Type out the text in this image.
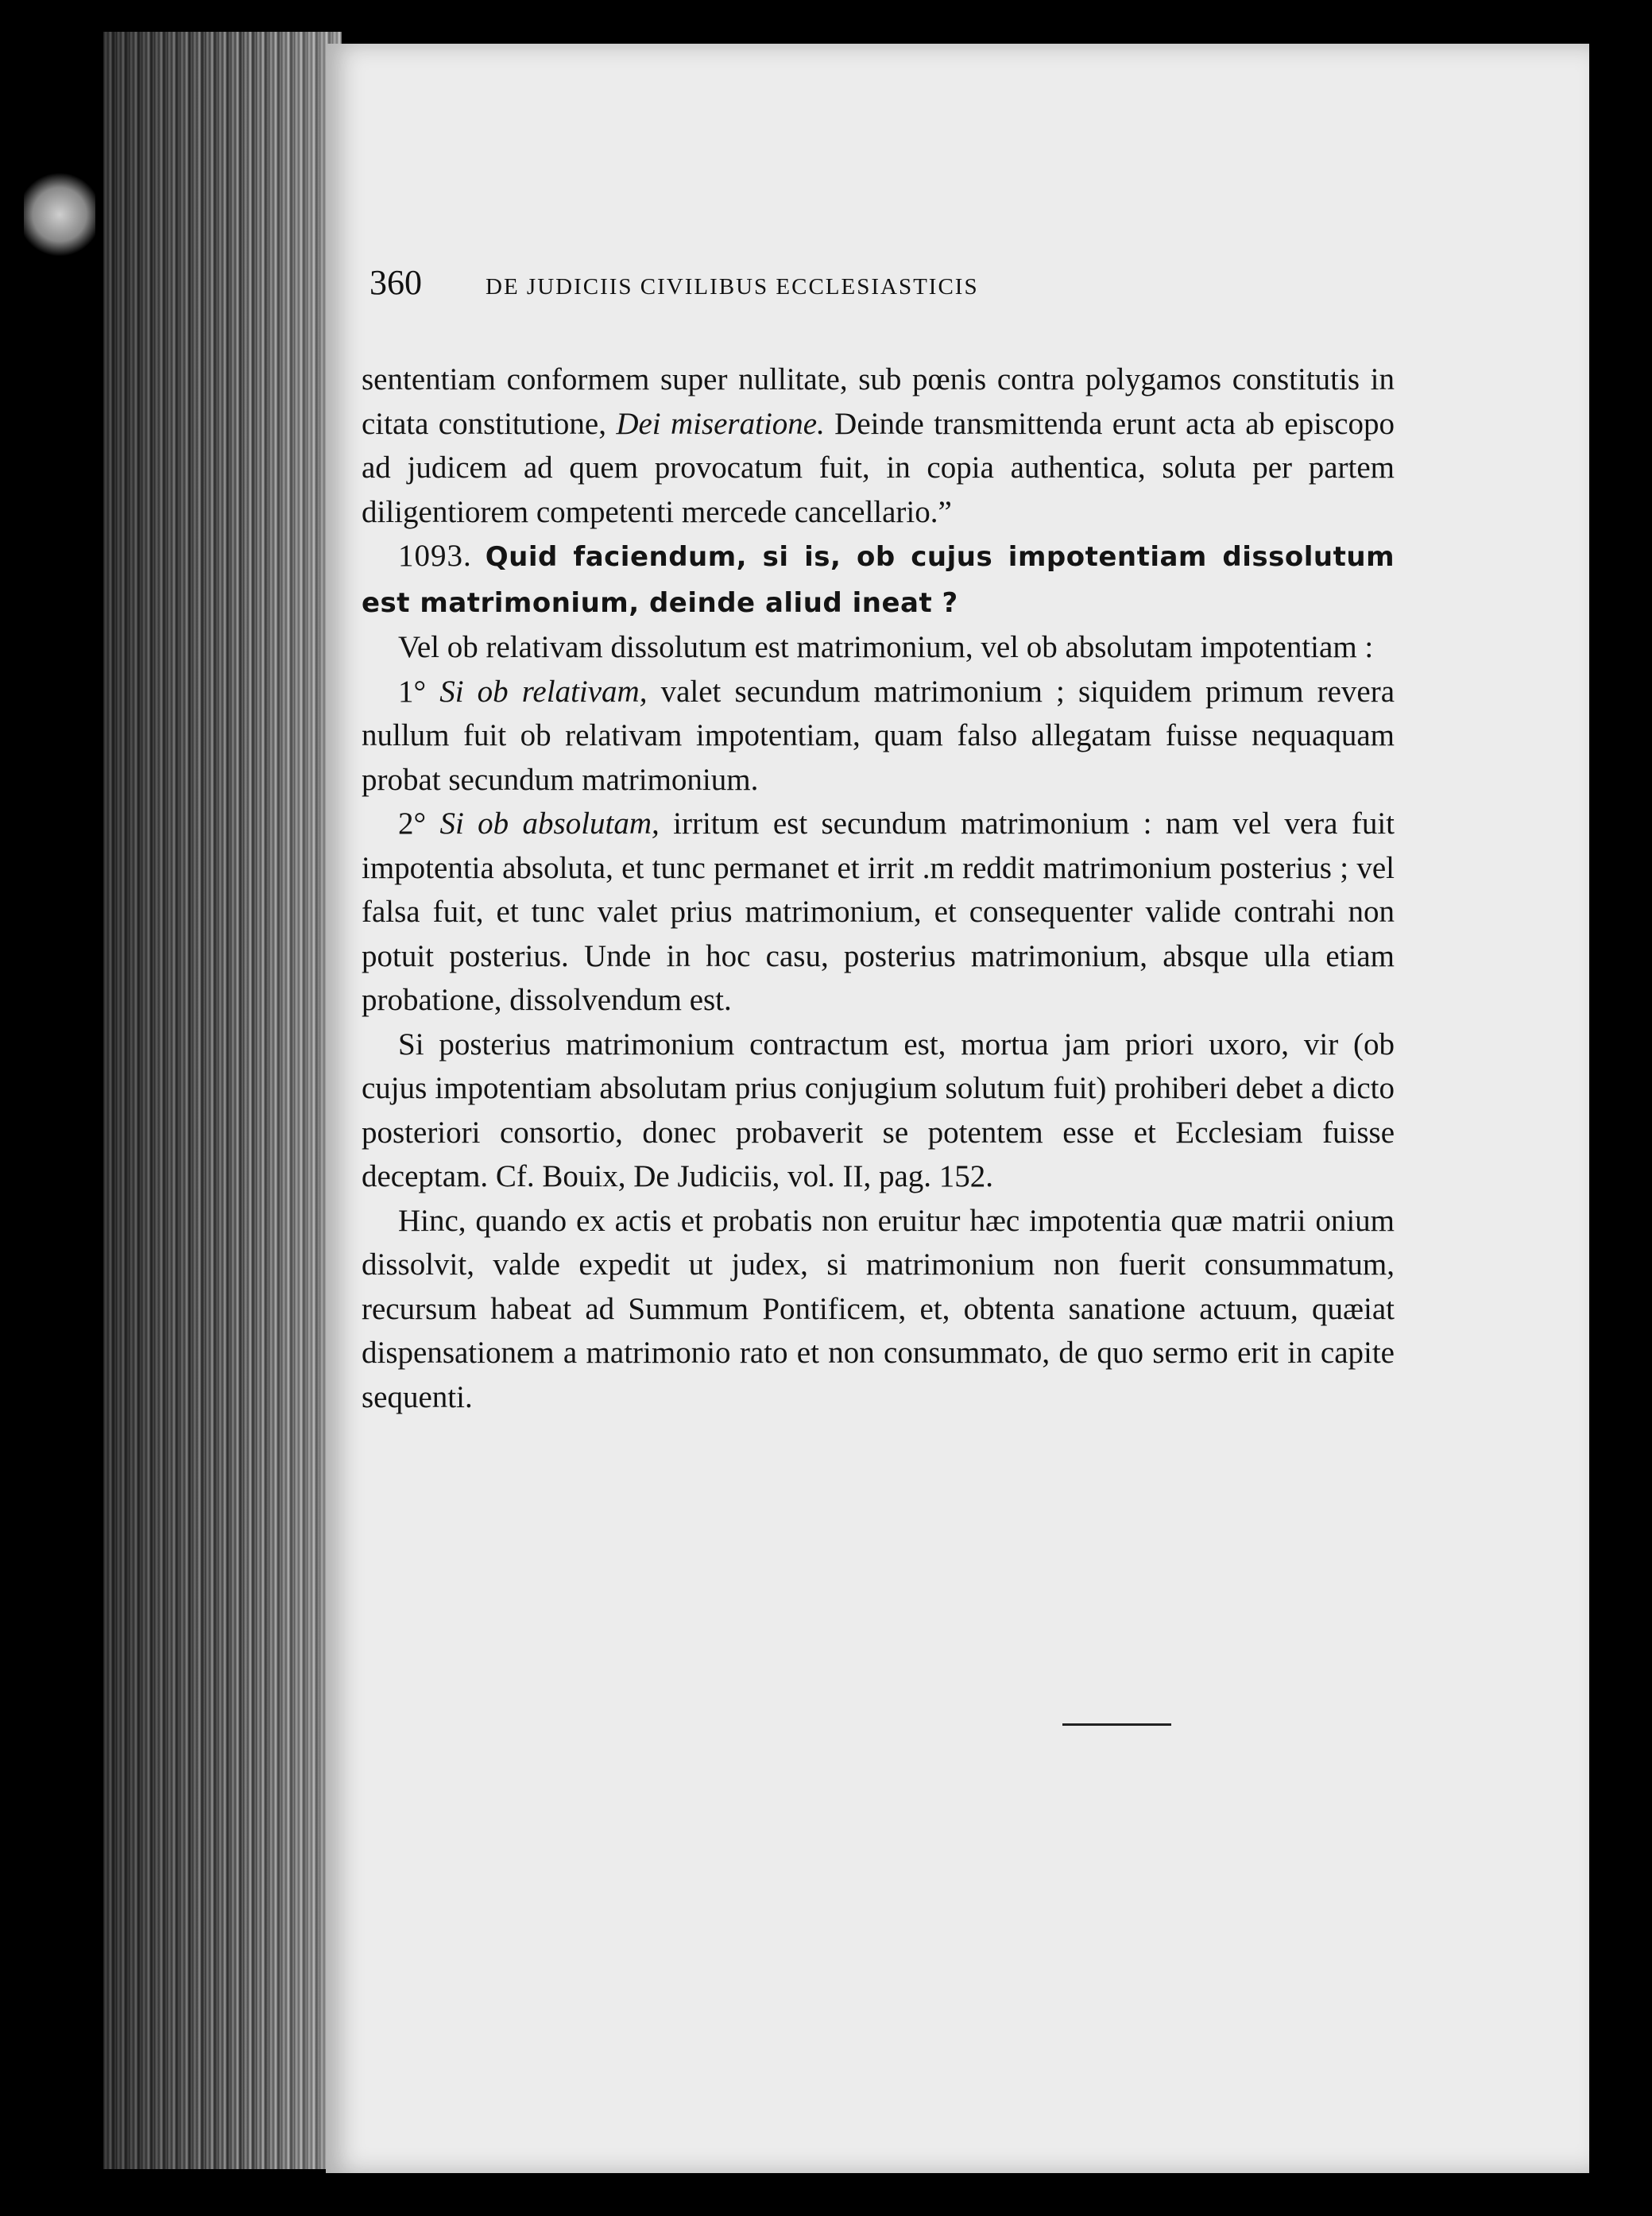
360	DE JUDICIIS CIVILIBUS ECCLESIASTICIS

sententiam conformem super nullitate, sub pœnis contra polygamos constitutis in citata constitutione, Dei miseratione. Deinde transmittenda erunt acta ab episcopo ad judicem ad quem provocatum fuit, in copia authentica, soluta per partem diligentiorem competenti mercede cancellario.”

1093. Quid faciendum, si is, ob cujus impotentiam dissolutum est matrimonium, deinde aliud ineat ?

Vel ob relativam dissolutum est matrimonium, vel ob absolutam impotentiam :

1° Si ob relativam, valet secundum matrimonium ; siquidem primum revera nullum fuit ob relativam impotentiam, quam falso allegatam fuisse nequaquam probat secundum matrimonium.

2° Si ob absolutam, irritum est secundum matrimonium : nam vel vera fuit impotentia absoluta, et tunc permanet et irrit .m reddit matrimonium posterius ; vel falsa fuit, et tunc valet prius matrimonium, et consequenter valide contrahi non potuit posterius. Unde in hoc casu, posterius matrimonium, absque ulla etiam probatione, dissolvendum est.

Si posterius matrimonium contractum est, mortua jam priori uxoro, vir (ob cujus impotentiam absolutam prius conjugium solutum fuit) prohiberi debet a dicto posteriori consortio, donec probaverit se potentem esse et Ecclesiam fuisse deceptam. Cf. Bouix, De Judiciis, vol. II, pag. 152.

Hinc, quando ex actis et probatis non eruitur hæc impotentia quæ matrii onium dissolvit, valde expedit ut judex, si matrimonium non fuerit consummatum, recursum habeat ad Summum Pontificem, et, obtenta sanatione actuum, quæiat dispensationem a matrimonio rato et non consummato, de quo sermo erit in capite sequenti.
